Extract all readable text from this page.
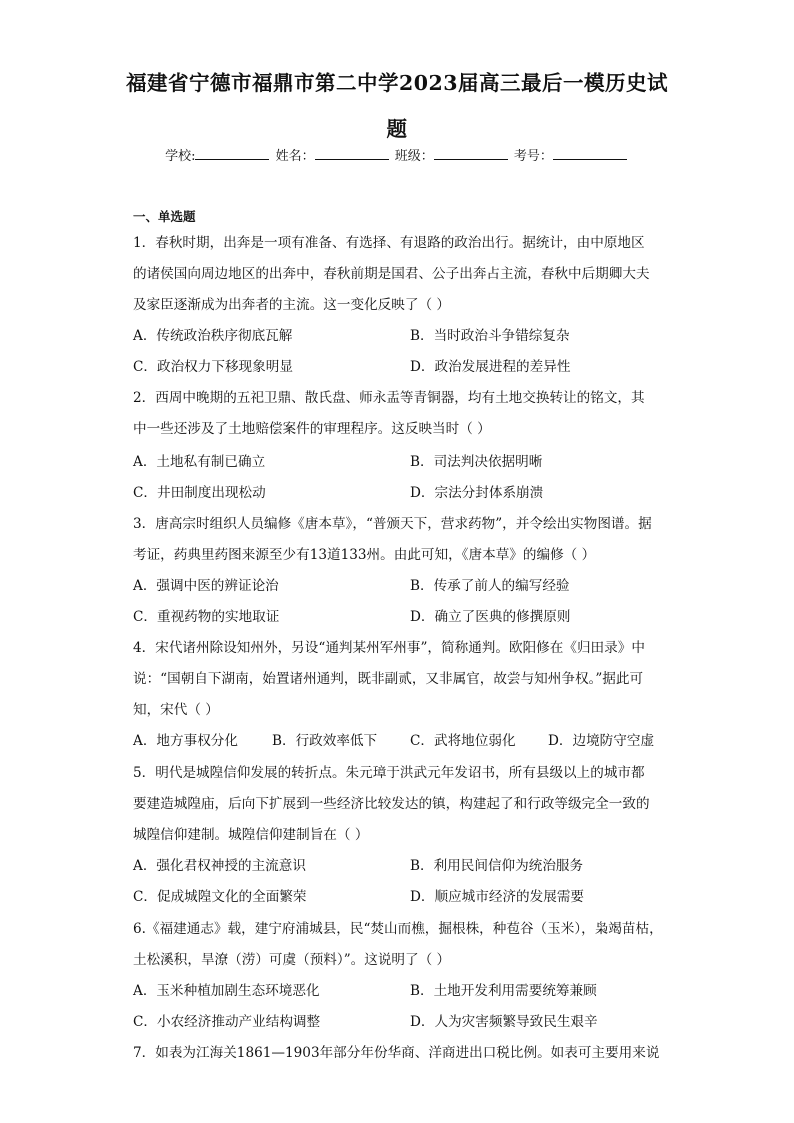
福建省宁德市福鼎市第二中学2023届高三最后一模历史试
题
学校:	姓名：	班级：	考号：
一、单选题
1．春秋时期，出奔是一项有准备、有选择、有退路的政治出行。据统计，由中原地区
的诸侯国向周边地区的出奔中，春秋前期是国君、公子出奔占主流，春秋中后期卿大夫
及家臣逐渐成为出奔者的主流。这一变化反映了（ ）
A．传统政治秩序彻底瓦解	B．当时政治斗争错综复杂
C．政治权力下移现象明显	D．政治发展进程的差异性
2．西周中晚期的五祀卫鼎、散氏盘、师永盂等青铜器，均有土地交换转让的铭文，其
中一些还涉及了土地赔偿案件的审理程序。这反映当时（ ）
A．土地私有制已确立	B．司法判决依据明晰
C．井田制度出现松动	D．宗法分封体系崩溃
3．唐高宗时组织人员编修《唐本草》，“普颁天下，营求药物”，并令绘出实物图谱。据
考证，药典里药图来源至少有13道133州。由此可知，《唐本草》的编修（ ）
A．强调中医的辨证论治	B．传承了前人的编写经验
C．重视药物的实地取证	D．确立了医典的修撰原则
4．宋代诸州除设知州外，另设“通判某州军州事”，简称通判。欧阳修在《归田录》中
说：“国朝自下湖南，始置诸州通判，既非副贰，又非属官，故尝与知州争权。”据此可
知，宋代（ ）
A．地方事权分化	B．行政效率低下 C．武将地位弱化 D．边境防守空虚
5．明代是城隍信仰发展的转折点。朱元璋于洪武元年发诏书，所有县级以上的城市都
要建造城隍庙，后向下扩展到一些经济比较发达的镇，构建起了和行政等级完全一致的
城隍信仰建制。城隍信仰建制旨在（ ）
A．强化君权神授的主流意识	B．利用民间信仰为统治服务
C．促成城隍文化的全面繁荣	D．顺应城市经济的发展需要
6.《福建通志》载，建宁府浦城县，民“焚山而樵，掘根株，种苞谷（玉米），枭竭苗枯，
土松溪积，旱潦（涝）可虞（预料）”。这说明了（ ）
A．玉米种植加剧生态环境恶化	B．土地开发利用需要统筹兼顾
C．小农经济推动产业结构调整	D．人为灾害频繁导致民生艰辛
7．如表为江海关1861—1903年部分年份华商、洋商进出口税比例。如表可主要用来说
